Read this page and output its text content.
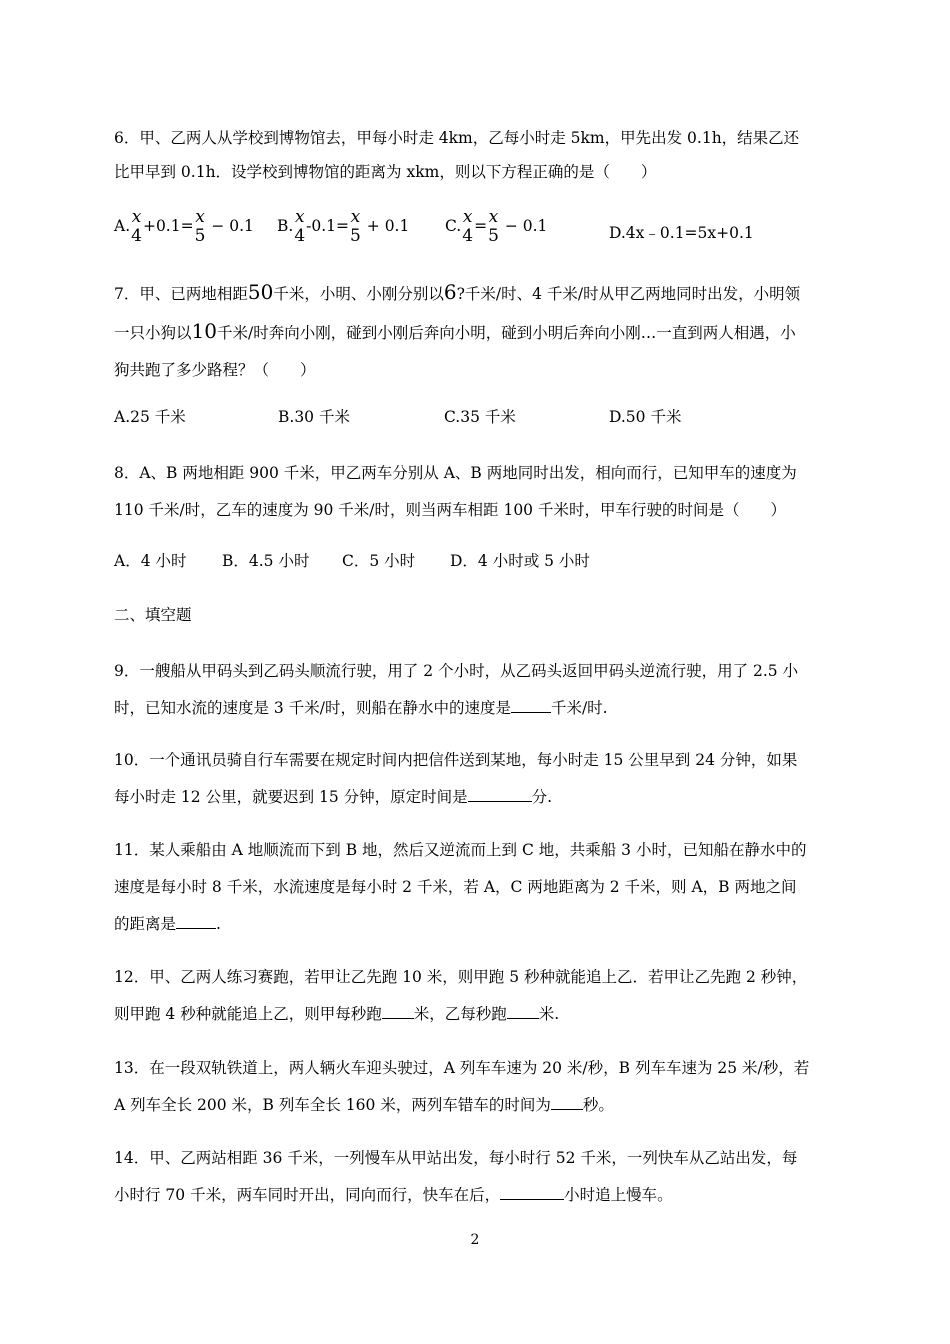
6．甲、乙两人从学校到博物馆去，甲每小时走 4km，乙每小时走 5km，甲先出发 0.1h，结果乙还
比甲早到 0.1h．设学校到博物馆的距离为 xkm，则以下方程正确的是（　　）
A. x
4 +0.1= x
5 − 0.1 B. x
4 -0.1= x
5 + 0.1 C. x
4 = x
5 − 0.1	D.4x﹣0.1=5x+0.1
7．甲、已两地相距50千米，小明、小刚分别以6?千米/时、4 千米/时从甲乙两地同时出发，小明领
一只小狗以10千米/时奔向小刚，碰到小刚后奔向小明，碰到小明后奔向小刚…一直到两人相遇，小
狗共跑了多少路程？（　　）
A.25 千米	B.30 千米	C.35 千米	D.50 千米
8．A、B 两地相距 900 千米，甲乙两车分别从 A、B 两地同时出发，相向而行，已知甲车的速度为
110 千米/时，乙车的速度为 90 千米/时，则当两车相距 100 千米时，甲车行驶的时间是（　　）
A．4 小时 B．4.5 小时 C．5 小时 D．4 小时或 5 小时
二、填空题
9．一艘船从甲码头到乙码头顺流行驶，用了 2 个小时，从乙码头返回甲码头逆流行驶，用了 2.5 小
时，已知水流的速度是 3 千米/时，则船在静水中的速度是	千米/时.
10．一个通讯员骑自行车需要在规定时间内把信件送到某地，每小时走 15 公里早到 24 分钟，如果
每小时走 12 公里，就要迟到 15 分钟，原定时间是	分.
11．某人乘船由 A 地顺流而下到 B 地，然后又逆流而上到 C 地，共乘船 3 小时，已知船在静水中的
速度是每小时 8 千米，水流速度是每小时 2 千米，若 A，C 两地距离为 2 千米，则 A，B 两地之间
的距离是	.
12．甲、乙两人练习赛跑，若甲让乙先跑 10 米，则甲跑 5 秒种就能追上乙．若甲让乙先跑 2 秒钟，
则甲跑 4 秒种就能追上乙，则甲每秒跑 米，乙每秒跑 米.
13．在一段双轨铁道上，两人辆火车迎头驶过，A 列车车速为 20 米/秒，B 列车车速为 25 米/秒，若
A 列车全长 200 米，B 列车全长 160 米，两列车错车的时间为 秒。
14．甲、乙两站相距 36 千米，一列慢车从甲站出发，每小时行 52 千米，一列快车从乙站出发，每
小时行 70 千米，两车同时开出，同向而行，快车在后，	小时追上慢车。
2
